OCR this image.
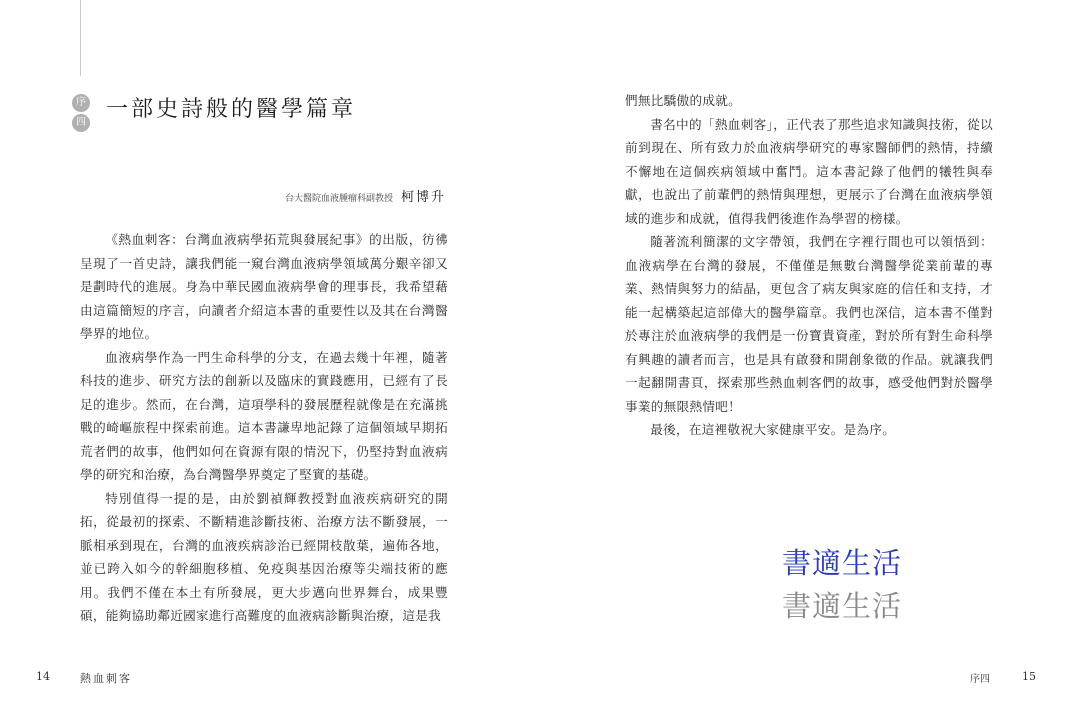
序
四
一部史詩般的醫學篇章
台大醫院血液腫瘤科副教授 柯博升

《熱血刺客：台灣血液病學拓荒與發展紀事》的出版，彷彿呈現了一首史詩，讓我們能一窺台灣血液病學領域萬分艱辛卻又是劃時代的進展。身為中華民國血液病學會的理事長，我希望藉由這篇簡短的序言，向讀者介紹這本書的重要性以及其在台灣醫學界的地位。

血液病學作為一門生命科學的分支，在過去幾十年裡，隨著科技的進步、研究方法的創新以及臨床的實踐應用，已經有了長足的進步。然而，在台灣，這項學科的發展歷程就像是在充滿挑戰的崎嶇旅程中探索前進。這本書謙卑地記錄了這個領域早期拓荒者們的故事，他們如何在資源有限的情況下，仍堅持對血液病學的研究和治療，為台灣醫學界奠定了堅實的基礎。

特別值得一提的是，由於劉禎輝教授對血液疾病研究的開拓，從最初的探索、不斷精進診斷技術、治療方法不斷發展，一脈相承到現在，台灣的血液疾病診治已經開枝散葉，遍佈各地，並已跨入如今的幹細胞移植、免疫與基因治療等尖端技術的應用。我們不僅在本土有所發展，更大步邁向世界舞台，成果豐碩，能夠協助鄰近國家進行高難度的血液病診斷與治療，這是我

們無比驕傲的成就。

書名中的「熱血刺客」，正代表了那些追求知識與技術，從以前到現在、所有致力於血液病學研究的專家醫師們的熱情，持續不懈地在這個疾病領域中奮鬥。這本書記錄了他們的犧牲與奉獻，也說出了前輩們的熱情與理想，更展示了台灣在血液病學領域的進步和成就，值得我們後進作為學習的榜樣。

隨著流利簡潔的文字帶領，我們在字裡行間也可以領悟到：血液病學在台灣的發展，不僅僅是無數台灣醫學從業前輩的專業、熱情與努力的結晶，更包含了病友與家庭的信任和支持，才能一起構築起這部偉大的醫學篇章。我們也深信，這本書不僅對於專注於血液病學的我們是一份寶貴資產，對於所有對生命科學有興趣的讀者而言，也是具有啟發和開創象徵的作品。就讓我們一起翻開書頁，探索那些熱血刺客們的故事，感受他們對於醫學事業的無限熱情吧！

最後，在這裡敬祝大家健康平安。是為序。

書適生活
書適生活
14	熱血刺客	序四	15
